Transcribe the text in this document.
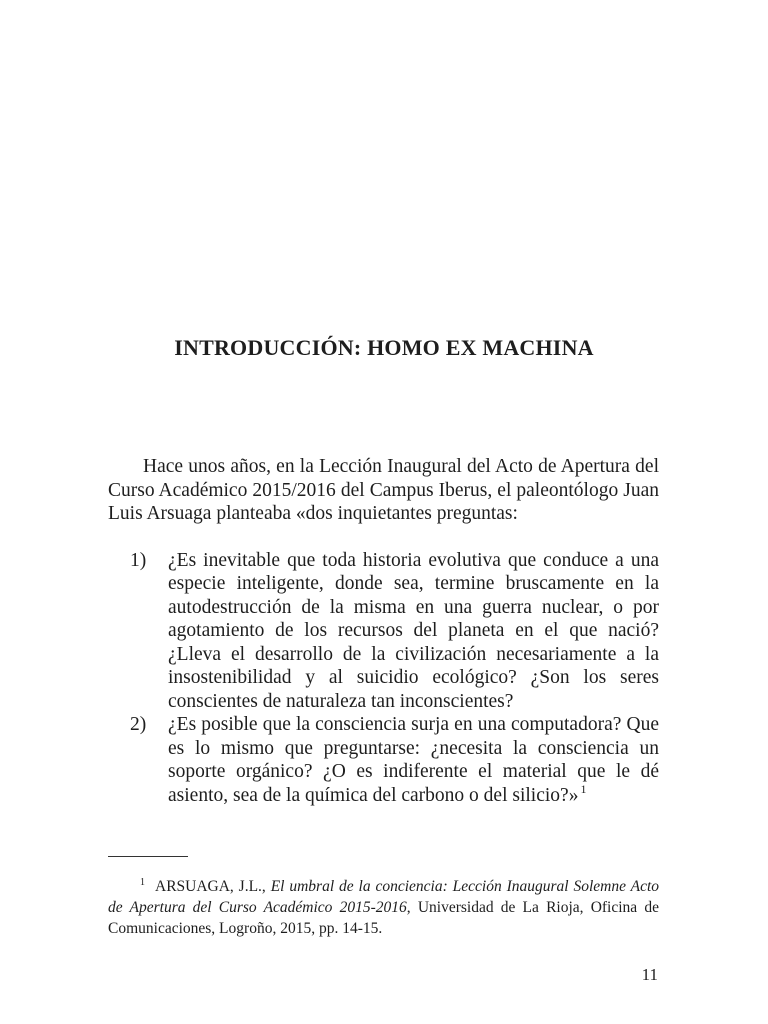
INTRODUCCIÓN: HOMO EX MACHINA

Hace unos años, en la Lección Inaugural del Acto de Apertura del Curso Académico 2015/2016 del Campus Iberus, el paleontólogo Juan Luis Arsuaga planteaba «dos inquietantes preguntas:

1) ¿Es inevitable que toda historia evolutiva que conduce a una especie inteligente, donde sea, termine bruscamente en la autodestrucción de la misma en una guerra nuclear, o por agotamiento de los recursos del planeta en el que nació? ¿Lleva el desarrollo de la civilización necesariamente a la insostenibilidad y al suicidio ecológico? ¿Son los seres conscientes de naturaleza tan inconscientes?
2) ¿Es posible que la consciencia surja en una computadora? Que es lo mismo que preguntarse: ¿necesita la consciencia un soporte orgánico? ¿O es indiferente el material que le dé asiento, sea de la química del carbono o del silicio?» $^1$

$^1$ ARSUAGA, J.L., El umbral de la conciencia: Lección Inaugural Solemne Acto de Apertura del Curso Académico 2015-2016, Universidad de La Rioja, Oficina de Comunicaciones, Logroño, 2015, pp. 14-15.

11
